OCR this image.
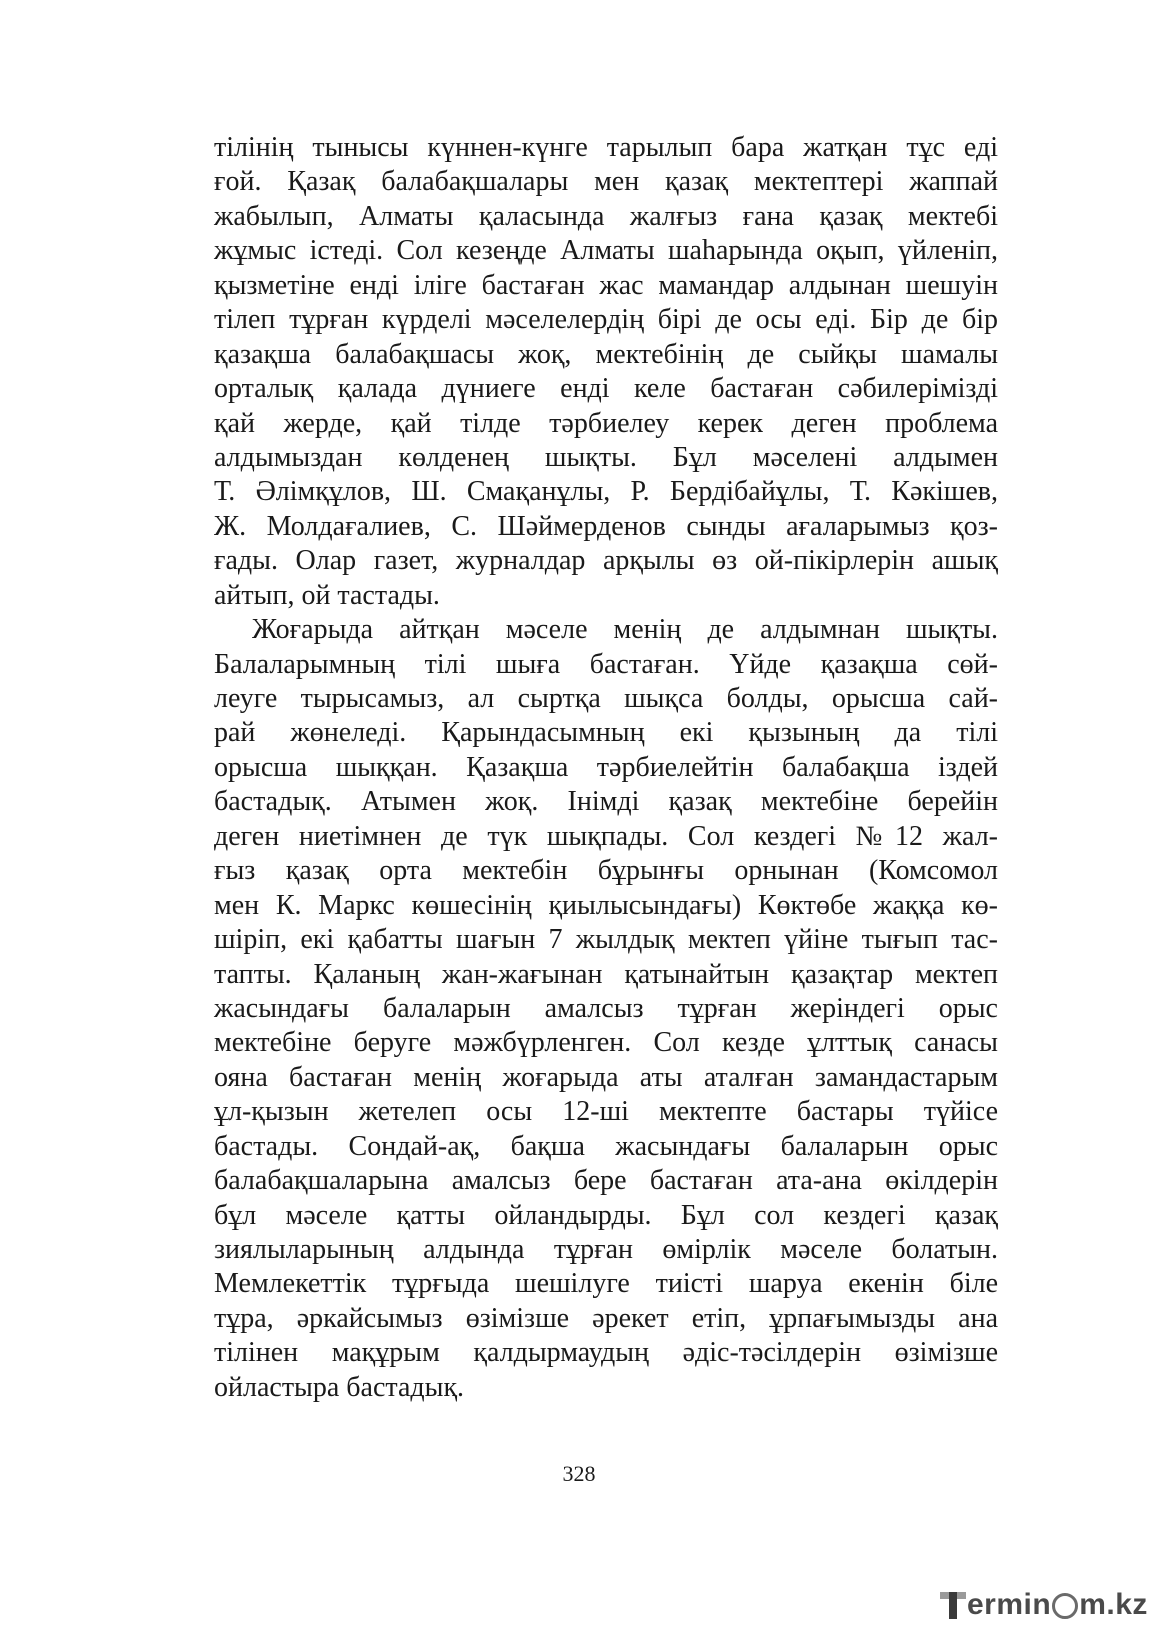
тілінің тынысы күннен-күнге тарылып бара жатқан тұс еді
ғой. Қазақ балабақшалары мен қазақ мектептері жаппай
жабылып, Алматы қаласында жалғыз ғана қазақ мектебі
жұмыс істеді. Сол кезеңде Алматы шаһарында оқып, үйленіп,
қызметіне енді іліге бастаған жас мамандар алдынан шешуін
тілеп тұрған күрделі мәселелердің бірі де осы еді. Бір де бір
қазақша балабақшасы жоқ, мектебінің де сыйқы шамалы
орталық қалада дүниеге енді келе бастаған сәбилерімізді
қай жерде, қай тілде тәрбиелеу керек деген проблема
алдымыздан көлденең шықты. Бұл мәселені алдымен
Т. Әлімқұлов, Ш. Смақанұлы, Р. Бердібайұлы, Т. Кәкішев,
Ж. Молдағалиев, С. Шәймерденов сынды ағаларымыз қоз-
ғады. Олар газет, журналдар арқылы өз ой-пікірлерін ашық
айтып, ой тастады.
Жоғарыда айтқан мәселе менің де алдымнан шықты.
Балаларымның тілі шыға бастаған. Үйде қазақша сөй-
леуге тырысамыз, ал сыртқа шықса болды, орысша сай-
рай жөнеледі. Қарындасымның екі қызының да тілі
орысша шыққан. Қазақша тәрбиелейтін балабақша іздей
бастадық. Атымен жоқ. Інімді қазақ мектебіне берейін
деген ниетімнен де түк шықпады. Сол кездегі №12 жал-
ғыз қазақ орта мектебін бұрынғы орнынан (Комсомол
мен К. Маркс көшесінің қиылысындағы) Көктөбе жаққа кө-
шіріп, екі қабатты шағын 7 жылдық мектеп үйіне тығып тас-
тапты. Қаланың жан-жағынан қатынайтын қазақтар мектеп
жасындағы балаларын амалсыз тұрған жеріндегі орыс
мектебіне беруге мәжбүрленген. Сол кезде ұлттық санасы
ояна бастаған менің жоғарыда аты аталған замандастарым
ұл-қызын жетелеп осы 12-ші мектепте бастары түйісе
бастады. Сондай-ақ, бақша жасындағы балаларын орыс
балабақшаларына амалсыз бере бастаған ата-ана өкілдерін
бұл мәселе қатты ойландырды. Бұл сол кездегі қазақ
зиялыларының алдында тұрған өмірлік мәселе болатын.
Мемлекеттік тұрғыда шешілуге тиісті шаруа екенін біле
тұра, әркайсымыз өзімізше әрекет етіп, ұрпағымызды ана
тілінен мақұрым қалдырмаудың әдіс-тәсілдерін өзімізше
ойластыра бастадық.
328
ermin m.kz
